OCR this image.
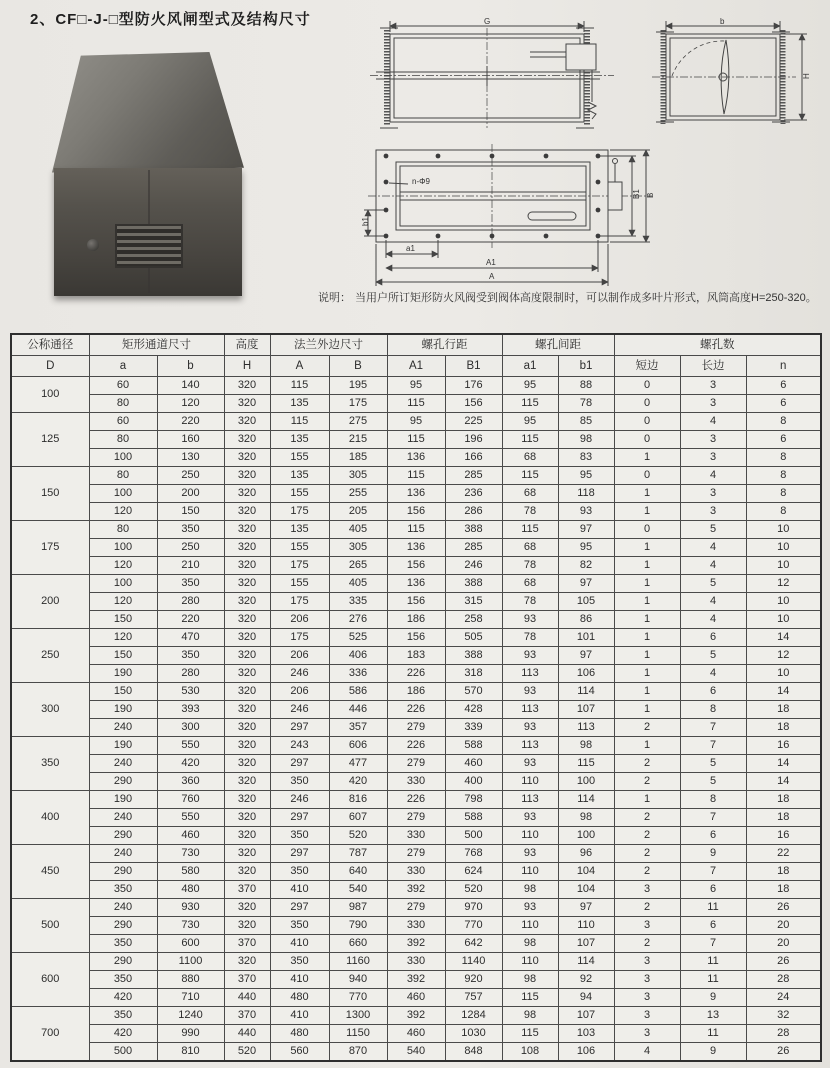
2、CF□-J-□型防火风闸型式及结构尺寸	G	b
H
n-Φ9
a1
A1
A
b1
B1 B
说明： 当用户所订矩形防火风阀受到阀体高度限制时，可以制作成多叶片形式，风筒高度H=250-320。
公称通径	矩形通道尺寸		高度	法兰外边尺寸		螺孔行距		螺孔间距		螺孔数		
D	a	b	H	A	B	A1	B1	a1	b1	短边	长边	n
100	60	140	320	115	195	95	176	95	88	0	3	6
	80	120	320	135	175	115	156	115	78	0	3	6
125	60	220	320	115	275	95	225	95	85	0	4	8
	80	160	320	135	215	115	196	115	98	0	3	6
	100	130	320	155	185	136	166	68	83	1	3	8
150	80	250	320	135	305	115	285	115	95	0	4	8
	100	200	320	155	255	136	236	68	118	1	3	8
	120	150	320	175	205	156	286	78	93	1	3	8
175	80	350	320	135	405	115	388	115	97	0	5	10
	100	250	320	155	305	136	285	68	95	1	4	10
	120	210	320	175	265	156	246	78	82	1	4	10
200	100	350	320	155	405	136	388	68	97	1	5	12
	120	280	320	175	335	156	315	78	105	1	4	10
	150	220	320	206	276	186	258	93	86	1	4	10
250	120	470	320	175	525	156	505	78	101	1	6	14
	150	350	320	206	406	183	388	93	97	1	5	12
	190	280	320	246	336	226	318	113	106	1	4	10
300	150	530	320	206	586	186	570	93	114	1	6	14
	190	393	320	246	446	226	428	113	107	1	8	18
	240	300	320	297	357	279	339	93	113	2	7	18
350	190	550	320	243	606	226	588	113	98	1	7	16
	240	420	320	297	477	279	460	93	115	2	5	14
	290	360	320	350	420	330	400	110	100	2	5	14
400	190	760	320	246	816	226	798	113	114	1	8	18
	240	550	320	297	607	279	588	93	98	2	7	18
	290	460	320	350	520	330	500	110	100	2	6	16
450	240	730	320	297	787	279	768	93	96	2	9	22
	290	580	320	350	640	330	624	110	104	2	7	18
	350	480	370	410	540	392	520	98	104	3	6	18
500	240	930	320	297	987	279	970	93	97	2	11	26
	290	730	320	350	790	330	770	110	110	3	6	20
	350	600	370	410	660	392	642	98	107	2	7	20
600	290	1100	320	350	1160	330	1140	110	114	3	11	26
	350	880	370	410	940	392	920	98	92	3	11	28
	420	710	440	480	770	460	757	115	94	3	9	24
700	350	1240	370	410	1300	392	1284	98	107	3	13	32
	420	990	440	480	1150	460	1030	115	103	3	11	28
	500	810	520	560	870	540	848	108	106	4	9	26
